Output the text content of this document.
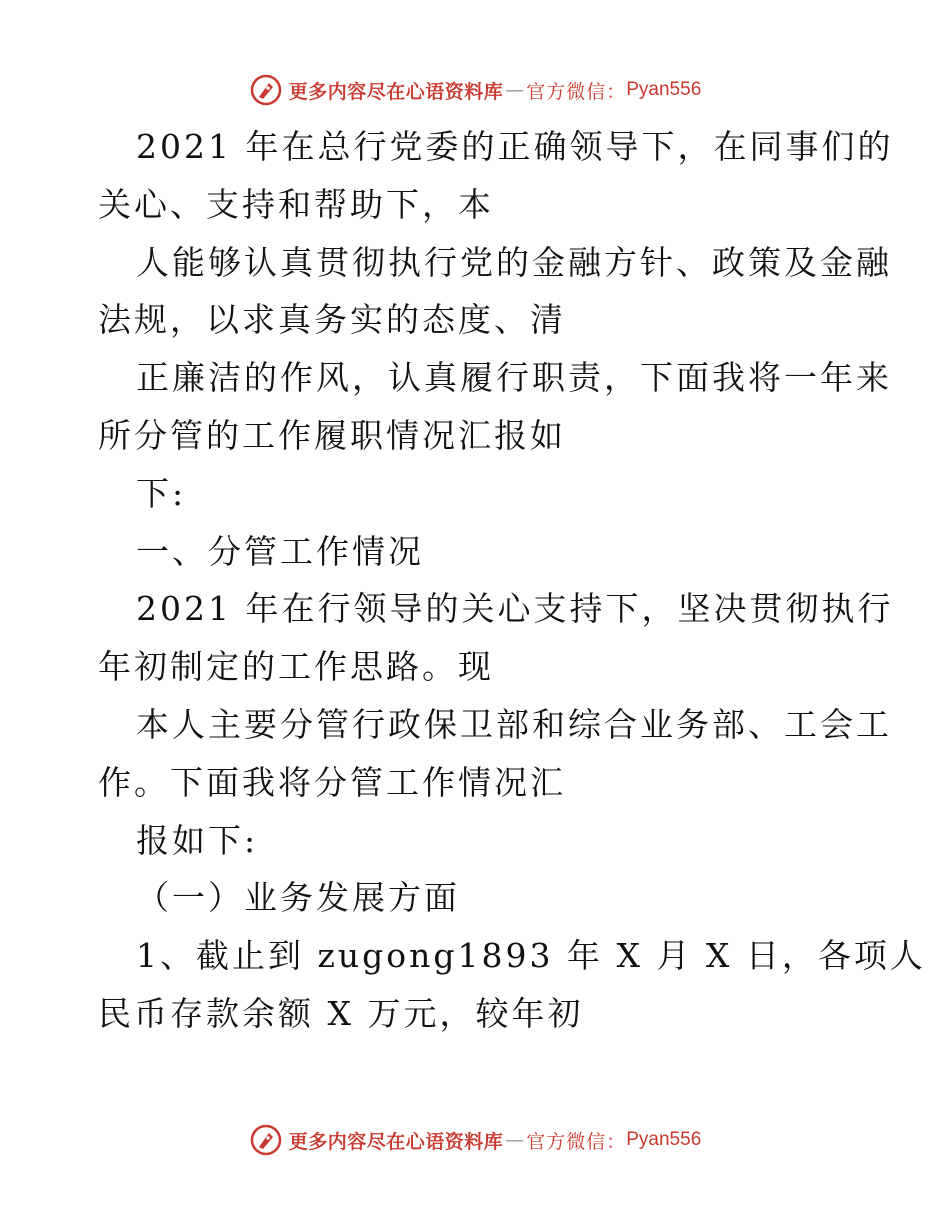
更多内容尽在心语资料库 — 官方微信： Pyan556
2021 年在总行党委的正确领导下，在同事们的
关心、支持和帮助下，本
人能够认真贯彻执行党的金融方针、政策及金融
法规，以求真务实的态度、清
正廉洁的作风，认真履行职责，下面我将一年来
所分管的工作履职情况汇报如
下:
一、分管工作情况
2021 年在行领导的关心支持下，坚决贯彻执行
年初制定的工作思路。现
本人主要分管行政保卫部和综合业务部、工会工
作。下面我将分管工作情况汇
报如下:
（一）业务发展方面
1、截止到 zugong1893 年 X 月 X 日，各项人
民币存款余额 X 万元，较年初
更多内容尽在心语资料库 — 官方微信： Pyan556
